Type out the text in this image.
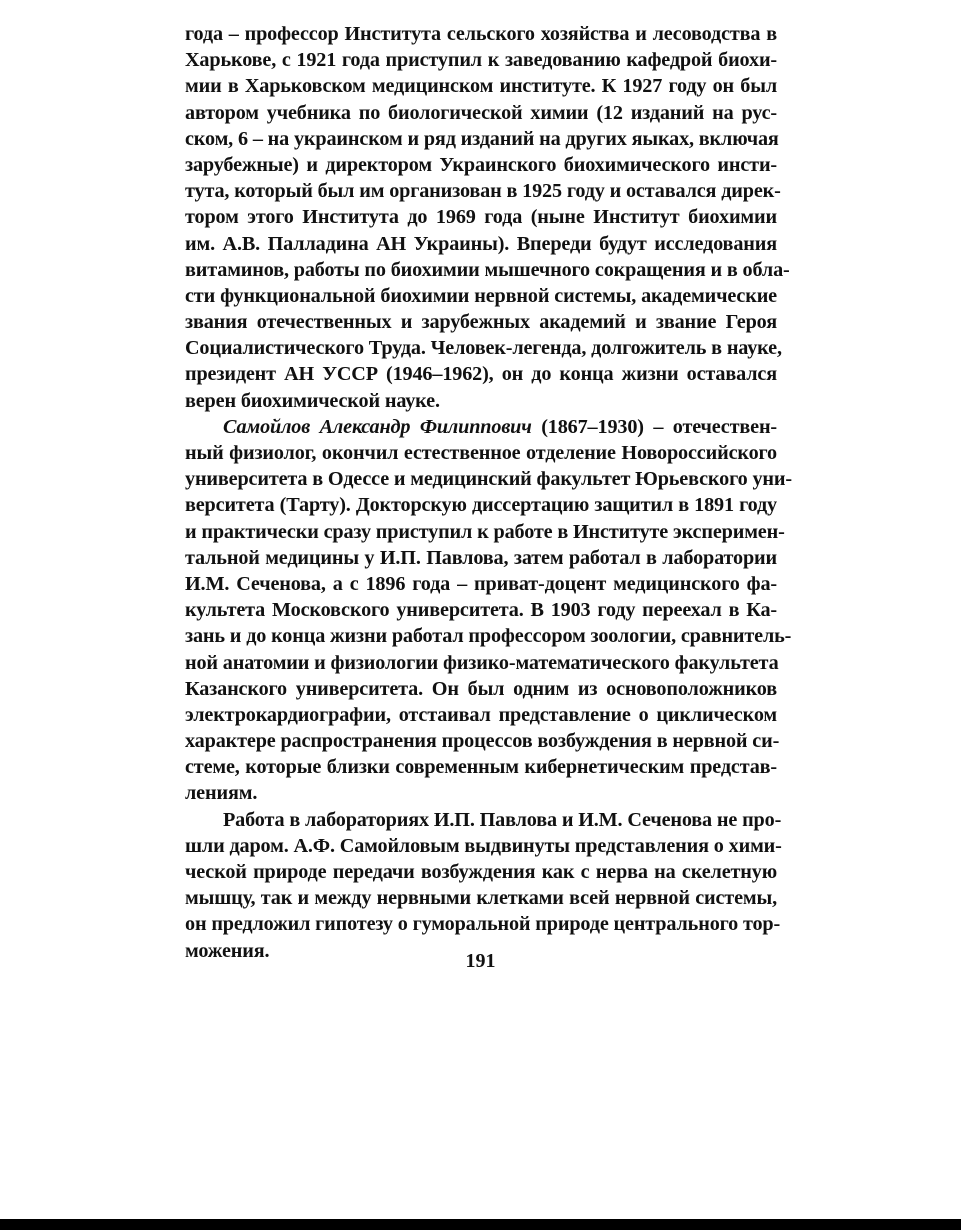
года – профессор Института сельского хозяйства и лесоводства в
Харькове, с 1921 года приступил к заведованию кафедрой биохи-
мии в Харьковском медицинском институте. К 1927 году он был
автором учебника по биологической химии (12 изданий на рус-
ском, 6 – на украинском и ряд изданий на других яыках, включая
зарубежные) и директором Украинского биохимического инсти-
тута, который был им организован в 1925 году и оставался дирек-
тором этого Института до 1969 года (ныне Институт биохимии
им. А.В. Палладина АН Украины). Впереди будут исследования
витаминов, работы по биохимии мышечного сокращения и в обла-
сти функциональной биохимии нервной системы, академические
звания отечественных и зарубежных академий и звание Героя
Социалистического Труда. Человек-легенда, долгожитель в науке,
президент АН УССР (1946–1962), он до конца жизни оставался
верен биохимической науке.
Самойлов Александр Филиппович (1867–1930) – отечествен-
ный физиолог, окончил естественное отделение Новороссийского
университета в Одессе и медицинский факультет Юрьевского уни-
верситета (Тарту). Докторскую диссертацию защитил в 1891 году
и практически сразу приступил к работе в Институте эксперимен-
тальной медицины у И.П. Павлова, затем работал в лаборатории
И.М. Сеченова, а с 1896 года – приват-доцент медицинского фа-
культета Московского университета. В 1903 году переехал в Ка-
зань и до конца жизни работал профессором зоологии, сравнитель-
ной анатомии и физиологии физико-математического факультета
Казанского университета. Он был одним из основоположников
электрокардиографии, отстаивал представление о циклическом
характере распространения процессов возбуждения в нервной си-
стеме, которые близки современным кибернетическим представ-
лениям.
Работа в лабораториях И.П. Павлова и И.М. Сеченова не про-
шли даром. А.Ф. Самойловым выдвинуты представления о хими-
ческой природе передачи возбуждения как с нерва на скелетную
мышцу, так и между нервными клетками всей нервной системы,
он предложил гипотезу о гуморальной природе центрального тор-
можения.	191
